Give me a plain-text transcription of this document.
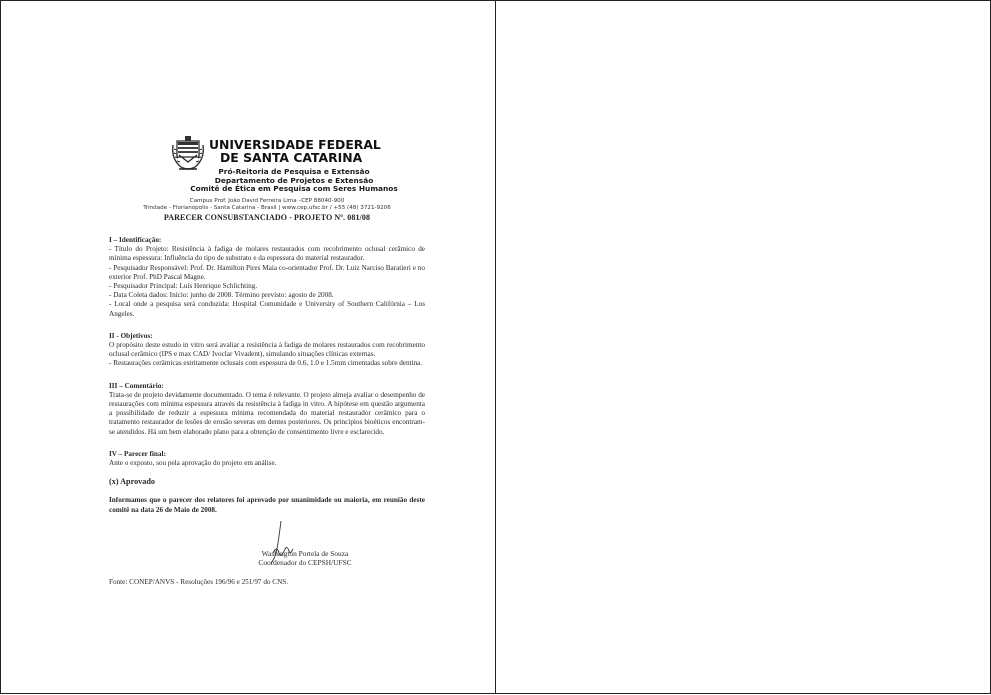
UNIVERSIDADE FEDERAL
DE SANTA CATARINA
Pró-Reitoria de Pesquisa e Extensão
Departamento de Projetos e Extensão
Comitê de Ética em Pesquisa com Seres Humanos
Campus Prof. João David Ferreira Lima –CEP 88040-900
Trindade - Florianópolis - Santa Catarina - Brasil | www.cep.ufsc.br / +55 (48) 3721-9206
PARECER CONSUBSTANCIADO - PROJETO Nº. 081/08
I – Identificação:

- Título do Projeto: Resistência à fadiga de molares restaurados com recobrimento oclusal cerâmico de mínima espessura: Influência do tipo de substrato e da espessura do material restaurador.

- Pesquisador Responsável: Prof. Dr. Hamilton Pires Maia co-orientador Prof. Dr. Luiz Narciso Baratieri e no exterior Prof. PhD Pascal Magne.

- Pesquisador Principal: Luís Henrique Schlichting.

- Data Coleta dados: Início: junho de 2008. Término previsto: agosto de 2008.

- Local onde a pesquisa será conduzida: Hospital Comunidade e University of Southern Califórnia – Los Angeles.

II - Objetivos:

O propósito deste estudo in vitro será avaliar a resistência à fadiga de molares restaurados com recobrimento oclusal cerâmico (IPS e max CAD/ Ivoclar Vivadent), simulando situações clínicas externas.

- Restaurações cerâmicas estritamente oclusais com espessura de 0.6, 1.0 e 1.5mm cimentadas sobre dentina.

III – Comentário:

Trata-se de projeto devidamente documentado. O tema é relevante. O projeto almeja avaliar o desempenho de restaurações com mínima espessura através da resistência à fadiga in vitro. A hipótese em questão argumenta a possibilidade de reduzir a espessura mínima recomendada do material restaurador cerâmico para o tratamento restaurador de lesões de erosão severas em dentes posteriores. Os princípios bioéticos encontram-se atendidos. Há um bem elaborado plano para a obtenção de consentimento livre e esclarecido.

IV – Parecer final:

Ante o exposto, sou pela aprovação do projeto em análise.

(x) Aprovado
Informamos que o parecer dos relatores foi aprovado por unanimidade ou maioria, em reunião deste comitê na data 26 de Maio de 2008.
Washington Portela de Souza
Coordenador do CEPSH/UFSC
Fonte: CONEP/ANVS - Resoluções 196/96 e 251/97 do CNS.
